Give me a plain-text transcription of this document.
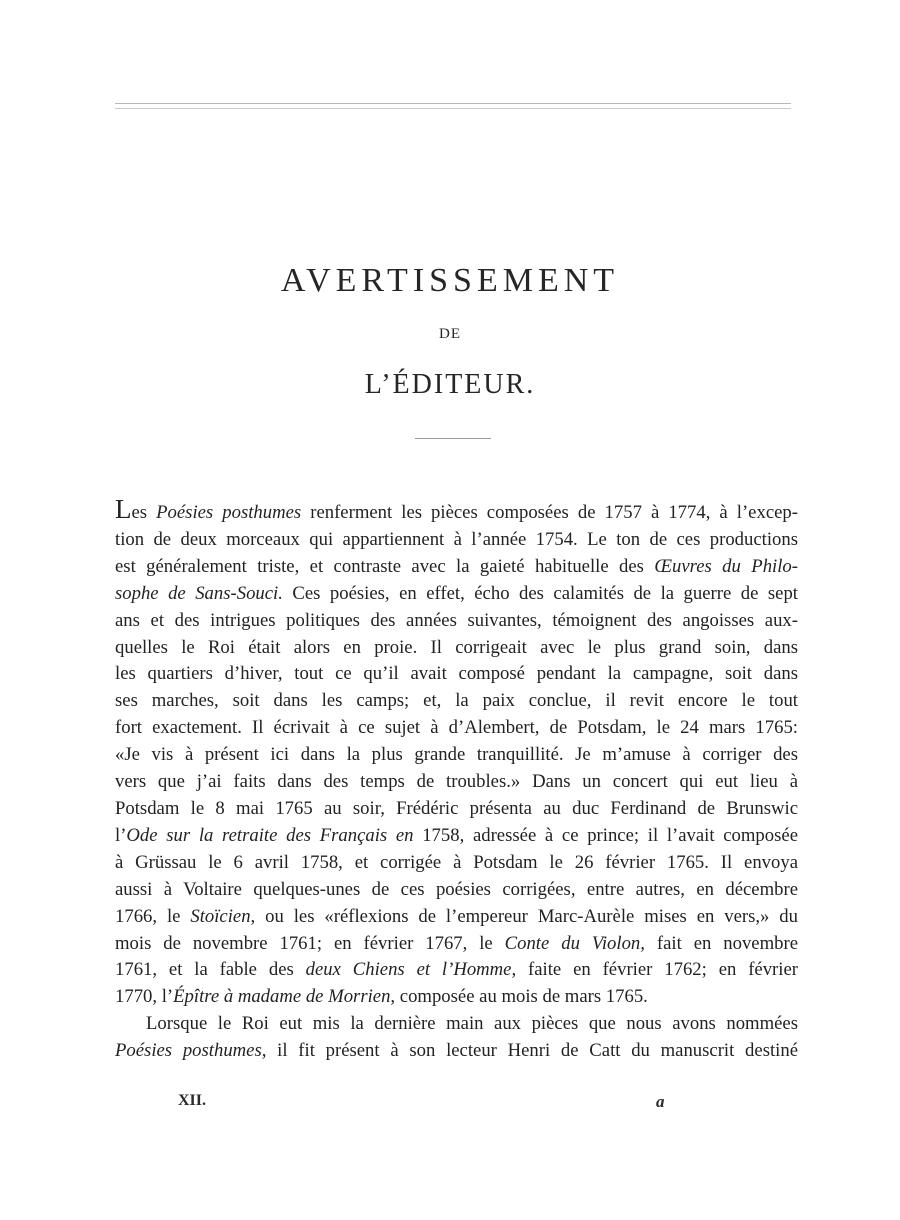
AVERTISSEMENT
DE
L’ÉDITEUR.
Les Poésies posthumes renferment les pièces composées de 1757 à 1774, à l’excep-
tion de deux morceaux qui appartiennent à l’année 1754. Le ton de ces productions
est généralement triste, et contraste avec la gaieté habituelle des Œuvres du Philo-
sophe de Sans-Souci. Ces poésies, en effet, écho des calamités de la guerre de sept
ans et des intrigues politiques des années suivantes, témoignent des angoisses aux-
quelles le Roi était alors en proie. Il corrigeait avec le plus grand soin, dans
les quartiers d’hiver, tout ce qu’il avait composé pendant la campagne, soit dans
ses marches, soit dans les camps; et, la paix conclue, il revit encore le tout
fort exactement. Il écrivait à ce sujet à d’Alembert, de Potsdam, le 24 mars 1765:
«Je vis à présent ici dans la plus grande tranquillité. Je m’amuse à corriger des
vers que j’ai faits dans des temps de troubles.» Dans un concert qui eut lieu à
Potsdam le 8 mai 1765 au soir, Frédéric présenta au duc Ferdinand de Brunswic
l’Ode sur la retraite des Français en 1758, adressée à ce prince; il l’avait composée
à Grüssau le 6 avril 1758, et corrigée à Potsdam le 26 février 1765. Il envoya
aussi à Voltaire quelques-unes de ces poésies corrigées, entre autres, en décembre
1766, le Stoïcien, ou les «réflexions de l’empereur Marc-Aurèle mises en vers,» du
mois de novembre 1761; en février 1767, le Conte du Violon, fait en novembre
1761, et la fable des deux Chiens et l’Homme, faite en février 1762; en février
1770, l’Épître à madame de Morrien, composée au mois de mars 1765.
Lorsque le Roi eut mis la dernière main aux pièces que nous avons nommées
Poésies posthumes, il fit présent à son lecteur Henri de Catt du manuscrit destiné
XII.	a
